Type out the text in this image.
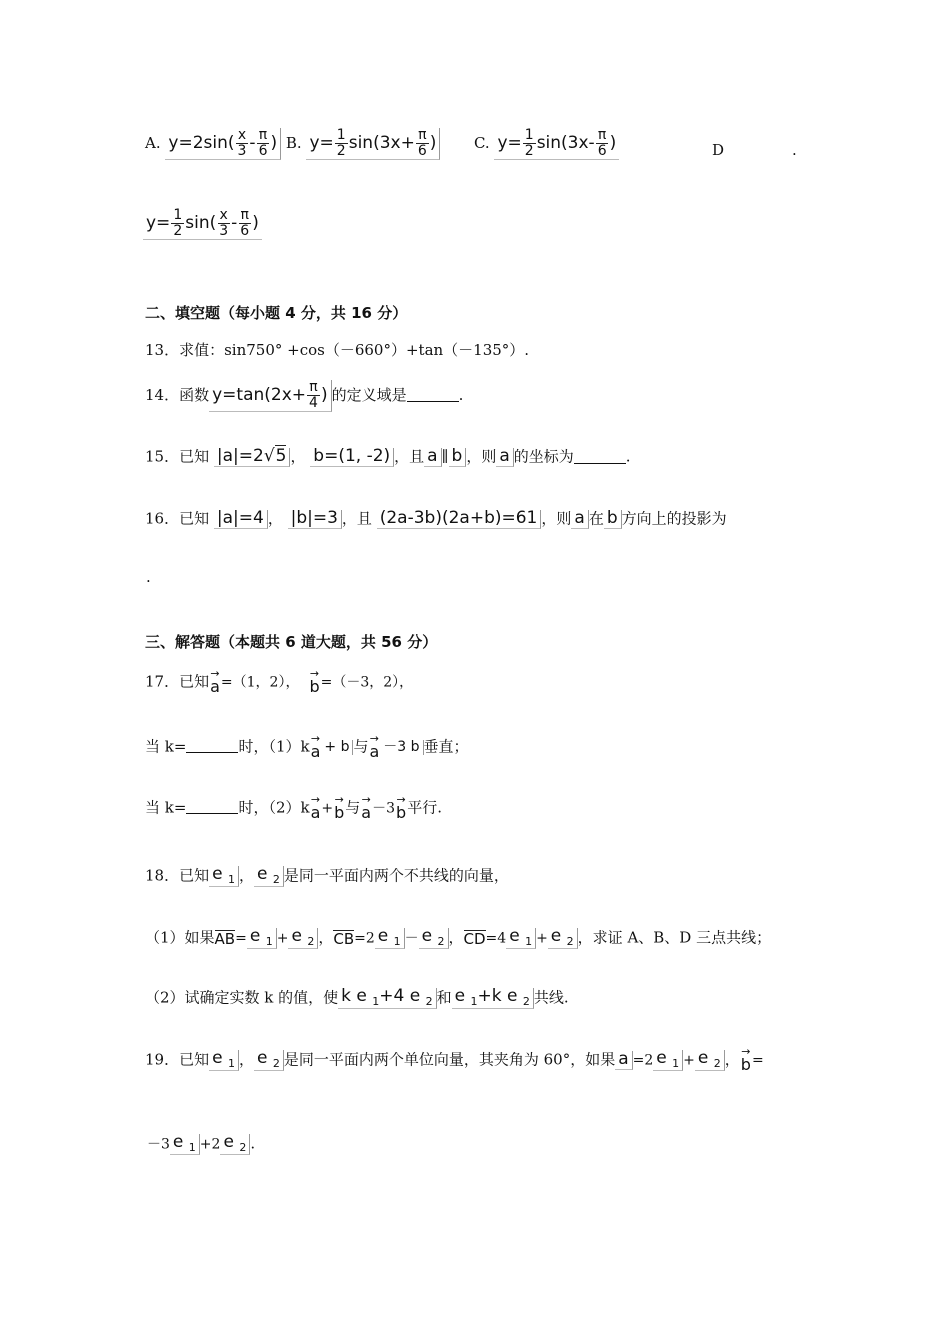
A. $y=2\sin( \frac{x}{3} - \frac{\pi}{6}$ ) B. $y= \frac{1}{2} \sin(3x+ \frac{\pi}{6}$ )	C. $y= \frac{1}{2} \sin(3x- \frac{\pi}{6}$ )	D	.
$y= \frac{1}{2} \sin( \frac{x}{3} - \frac{\pi}{6}$ )
二、填空题（每小题 4 分，共 16 分）
13．求值：sin750° +cos（－660°）+tan（－135°）.
14．函数 $y=\tan(2x+ \frac{\pi}{4}$ ) 的定义域是	.
15．已知 |a|=2√5 ， b=(1, -2) ，且 a ∥ b ，则 a 的坐标为	.
16．已知 |a|=4 ， |b|=3 ，且 (2a-3b)(2a+b)=61 ，则 a 在 b 方向上的投影为
.
三、解答题（本题共 6 道大题，共 56 分）
17．已知 →
a =（1，2），
→
b =（－3，2），
当 k=	时，（1）k →
a + b 与 →
a －3 b 垂直；
当 k=	时，（2）k →
a +
→
b 与 →
a －3
→
b 平行.
18．已知 e $_1$ ， e $_2$ 是同一平面内两个不共线的向量，
（1）如果AB= e $_1$ + e $_2$ ，CB=2 e $_1$ － e $_2$ ，CD=4 e $_1$ + e $_2$ ，求证 A、B、D 三点共线；
（2）试确定实数 k 的值，使 k e $_1$+4 e $_2$ 和 e $_1$+k e $_2$ 共线.
19．已知 e $_1$ ， e $_2$ 是同一平面内两个单位向量，其夹角为 60°，如果 a =2 e $_1$ + e $_2$ ， →
b =
－3 e $_1$ +2 e $_2$ .
